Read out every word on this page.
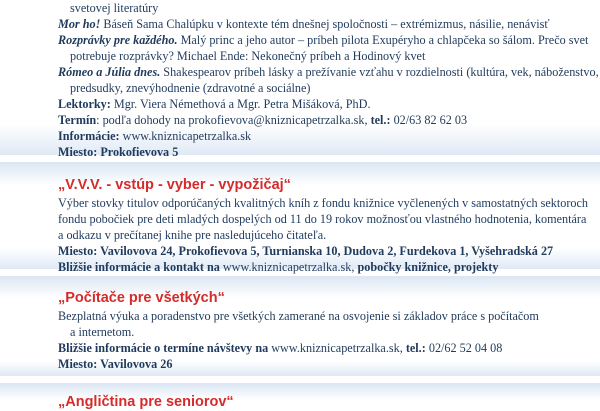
svetovej literatúry
Mor ho! Báseň Sama Chalúpku v kontexte tém dnešnej spoločnosti – extrémizmus, násilie, nenávisť
Rozprávky pre každého. Malý princ a jeho autor – príbeh pilota Exupéryho a chlapčeka so šálom. Prečo svet
potrebuje rozprávky? Michael Ende: Nekonečný príbeh a Hodinový kvet
Rómeo a Júlia dnes. Shakespearov príbeh lásky a prežívanie vzťahu v rozdielnosti (kultúra, vek, náboženstvo,
predsudky, znevýhodnenie (zdravotné a sociálne)
Lektorky: Mgr. Viera Némethová a Mgr. Petra Mišáková, PhD.
Termín: podľa dohody na prokofievova@kniznicapetrzalka.sk, tel.: 02/63 82 62 03
Informácie: www.kniznicapetrzalka.sk
Miesto: Prokofievova 5
„V.V.V. - vstúp - vyber - vypožičaj“
Výber stovky titulov odporúčaných kvalitných kníh z fondu knižnice vyčlenených v samostatných sektoroch
fondu pobočiek pre deti mladých dospelých od 11 do 19 rokov možnosťou vlastného hodnotenia, komentára
a odkazu v prečítanej knihe pre nasledujúceho čitateľa.
Miesto: Vavilovova 24, Prokofievova 5, Turnianska 10, Dudova 2, Furdekova 1, Vyšehradská 27
Bližšie informácie a kontakt na www.kniznicapetrzalka.sk, pobočky knižnice, projekty
„Počítače pre všetkých“
Bezplatná výuka a poradenstvo pre všetkých zamerané na osvojenie si základov práce s počítačom
a internetom.
Bližšie informácie o termíne návštevy na www.kniznicapetrzalka.sk, tel.: 02/62 52 04 08
Miesto: Vavilovova 26
„Angličtina pre seniorov“
